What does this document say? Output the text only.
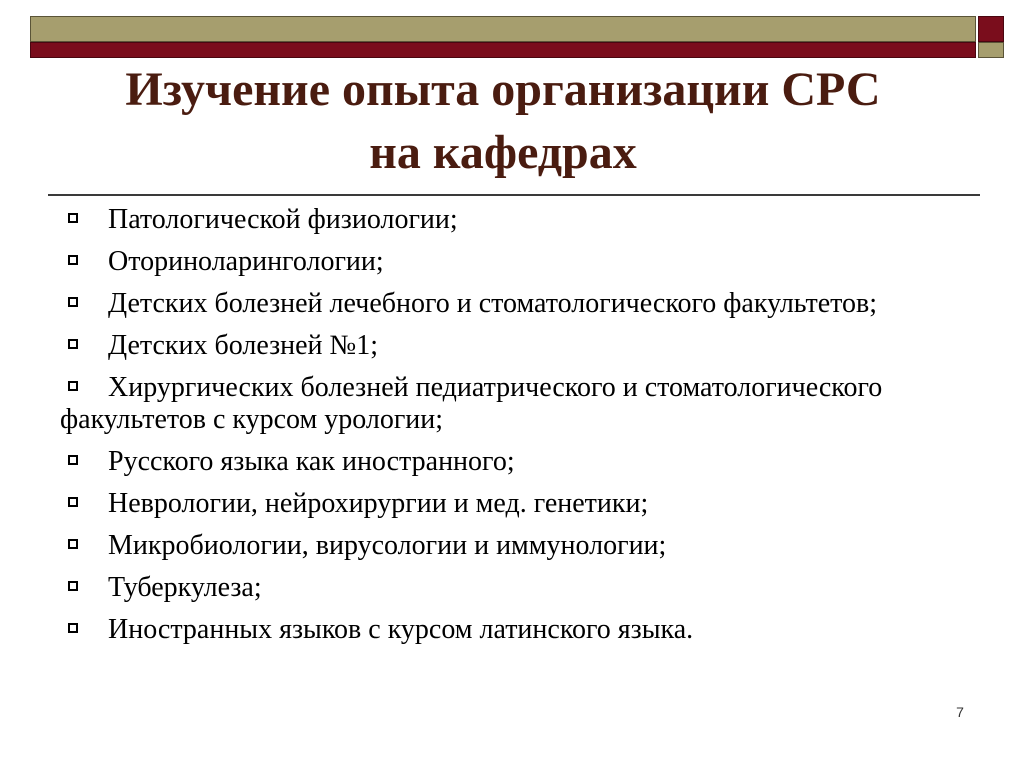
Изучение опыта организации СРС
на кафедрах
Патологической физиологии;
Оториноларингологии;
Детских болезней лечебного и стоматологического факультетов;
Детских болезней №1;
Хирургических болезней педиатрического и стоматологического факультетов с курсом урологии;
Русского языка как иностранного;
Неврологии, нейрохирургии и мед. генетики;
Микробиологии, вирусологии и иммунологии;
Туберкулеза;
Иностранных языков с курсом латинского языка.
7
